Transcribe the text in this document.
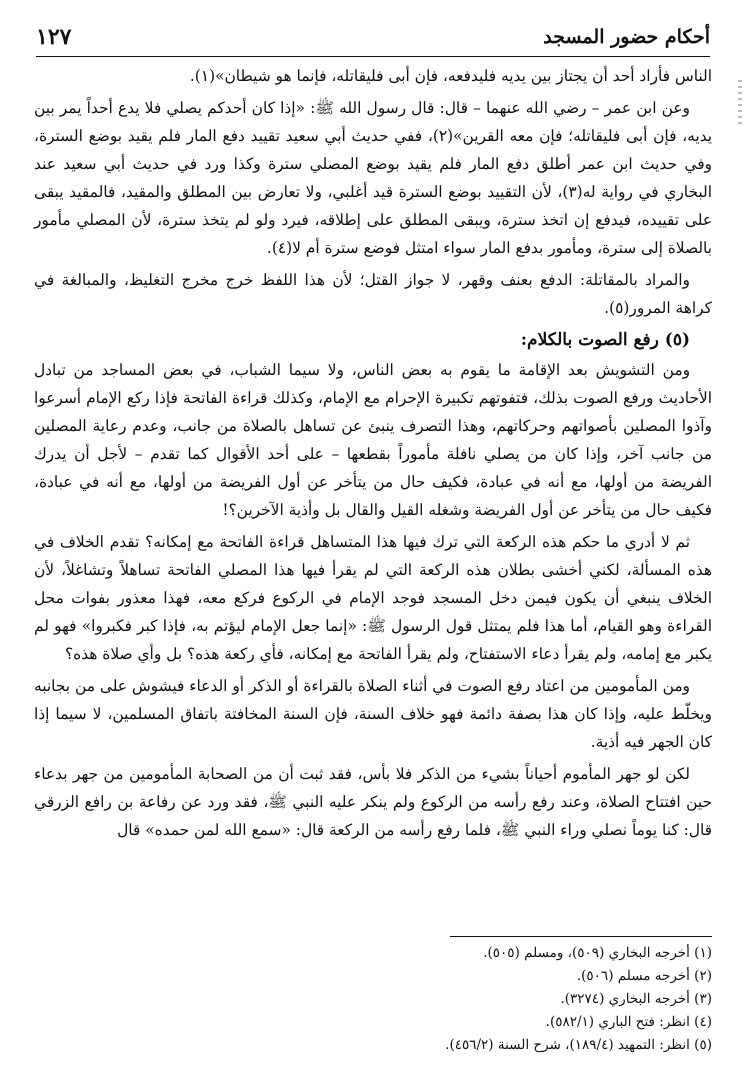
أحكام حضور المسجد
١٢٧

الناس فأراد أحد أن يجتاز بين يديه فليدفعه، فإن أبى فليقاتله، فإنما هو شيطان»(١).

وعن ابن عمر – رضي الله عنهما – قال: قال رسول الله ﷺ: «إذا كان أحدكم يصلي فلا يدع أحداً يمر بين يديه، فإن أبى فليقاتله؛ فإن معه القرين»(٢)، ففي حديث أبي سعيد تقييد دفع المار فلم يقيد بوضع السترة، وفي حديث ابن عمر أطلق دفع المار فلم يقيد بوضع المصلي سترة وكذا ورد في حديث أبي سعيد عند البخاري في رواية له(٣)، لأن التقييد بوضع السترة قيد أغلبي، ولا تعارض بين المطلق والمقيد، فالمقيد يبقى على تقييده، فيدفع إن اتخذ سترة، ويبقى المطلق على إطلاقه، فيرد ولو لم يتخذ سترة، لأن المصلي مأمور بالصلاة إلى سترة، ومأمور بدفع المار سواء امتثل فوضع سترة أم لا(٤).

والمراد بالمقاتلة: الدفع بعنف وقهر، لا جواز القتل؛ لأن هذا اللفظ خرج مخرج التغليظ، والمبالغة في كراهة المرور(٥).

(٥) رفع الصوت بالكلام:

ومن التشويش بعد الإقامة ما يقوم به بعض الناس، ولا سيما الشباب، في بعض المساجد من تبادل الأحاديث ورفع الصوت بذلك، فتفوتهم تكبيرة الإحرام مع الإمام، وكذلك قراءة الفاتحة فإذا ركع الإمام أسرعوا وآذوا المصلين بأصواتهم وحركاتهم، وهذا التصرف ينبئ عن تساهل بالصلاة من جانب، وعدم رعاية المصلين من جانب آخر، وإذا كان من يصلي نافلة مأموراً بقطعها – على أحد الأقوال كما تقدم – لأجل أن يدرك الفريضة من أولها، مع أنه في عبادة، فكيف حال من يتأخر عن أول الفريضة من أولها، مع أنه في عبادة، فكيف حال من يتأخر عن أول الفريضة وشغله القيل والقال بل وأذية الآخرين؟!

ثم لا أدري ما حكم هذه الركعة التي ترك فيها هذا المتساهل قراءة الفاتحة مع إمكانه؟ تقدم الخلاف في هذه المسألة، لكني أخشى بطلان هذه الركعة التي لم يقرأ فيها هذا المصلي الفاتحة تساهلاً وتشاغلاً، لأن الخلاف ينبغي أن يكون فيمن دخل المسجد فوجد الإمام في الركوع فركع معه، فهذا معذور بفوات محل القراءة وهو القيام، أما هذا فلم يمتثل قول الرسول ﷺ: «إنما جعل الإمام ليؤتم به، فإذا كبر فكبروا» فهو لم يكبر مع إمامه، ولم يقرأ دعاء الاستفتاح، ولم يقرأ الفاتحة مع إمكانه، فأي ركعة هذه؟ بل وأي صلاة هذه؟

ومن المأمومين من اعتاد رفع الصوت في أثناء الصلاة بالقراءة أو الذكر أو الدعاء فيشوش على من بجانبه ويخلّط عليه، وإذا كان هذا بصفة دائمة فهو خلاف السنة، فإن السنة المخافتة باتفاق المسلمين، لا سيما إذا كان الجهر فيه أذية.

لكن لو جهر المأموم أحياناً بشيء من الذكر فلا بأس، فقد ثبت أن من الصحابة المأمومين من جهر بدعاء حين افتتاح الصلاة، وعند رفع رأسه من الركوع ولم ينكر عليه النبي ﷺ، فقد ورد عن رفاعة بن رافع الزرقي قال: كنا يوماً نصلي وراء النبي ﷺ، فلما رفع رأسه من الركعة قال: «سمع الله لمن حمده» قال

(١) أخرجه البخاري (٥٠٩)، ومسلم (٥٠٥).
(٢) أخرجه مسلم (٥٠٦).
(٣) أخرجه البخاري (٣٢٧٤).
(٤) انظر: فتح الباري (٥٨٢/١).
(٥) انظر: التمهيد (١٨٩/٤)، شرح السنة (٤٥٦/٢).
